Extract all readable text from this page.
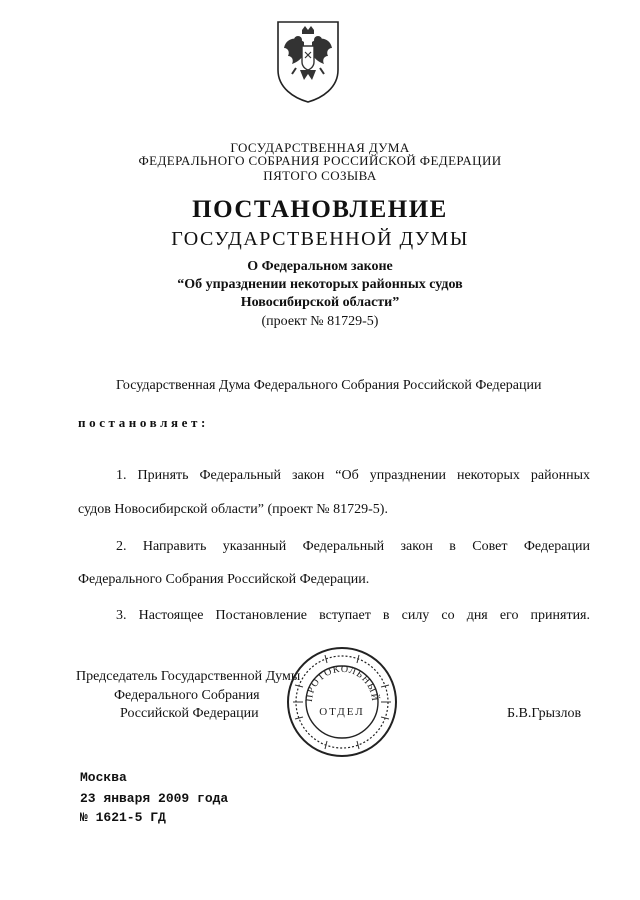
ГОСУДАРСТВЕННАЯ ДУМА
ФЕДЕРАЛЬНОГО СОБРАНИЯ РОССИЙСКОЙ ФЕДЕРАЦИИ
ПЯТОГО СОЗЫВА
ПОСТАНОВЛЕНИЕ
ГОСУДАРСТВЕННОЙ ДУМЫ
О Федеральном законе
“Об упразднении некоторых районных судов
Новосибирской области”
(проект № 81729-5)
Государственная Дума Федерального Собрания Российской Федерации
постановляет:
1. Принять Федеральный закон “Об упразднении некоторых районных
судов Новосибирской области” (проект № 81729-5).
2. Направить указанный Федеральный закон в Совет Федерации
Федерального Собрания Российской Федерации.
3. Настоящее Постановление вступает в силу со дня его принятия.
Председатель Государственной Думы
Федерального Собрания
Российской Федерации	Б.В.Грызлов
ПРОТОКОЛЬНЫЙ
ОТДЕЛ
Москва
23 января 2009 года
№ 1621-5 ГД
